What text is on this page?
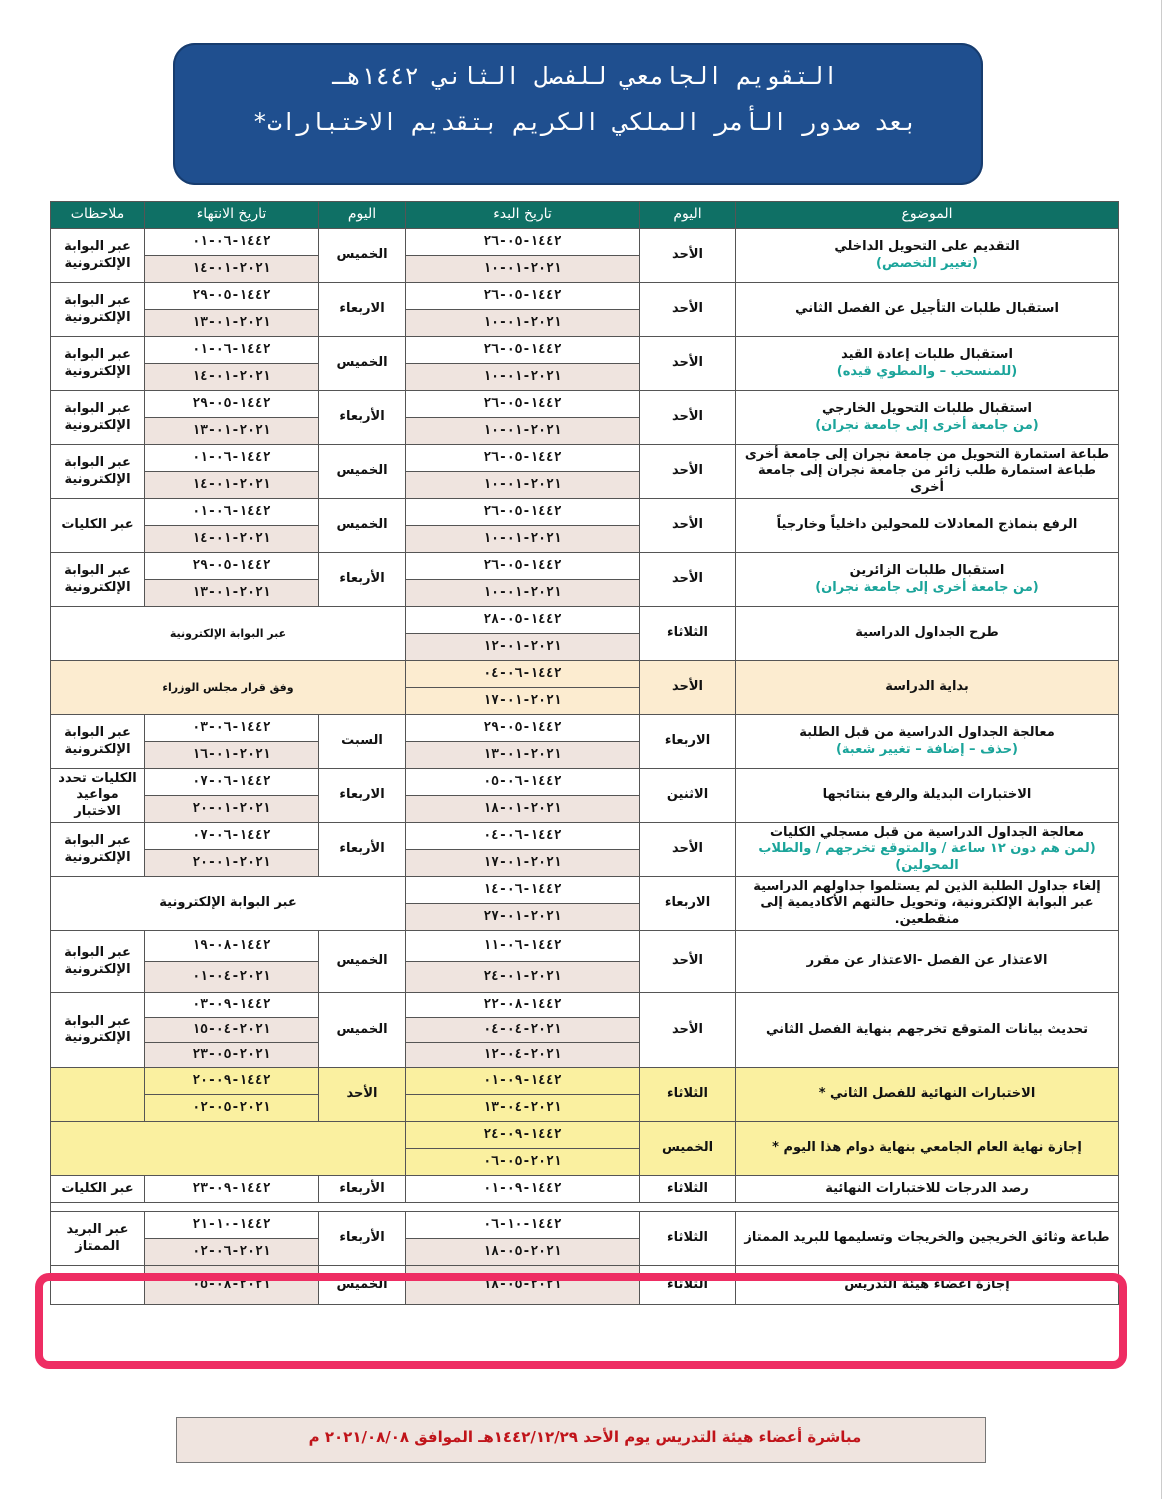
التقويم الجامعي للفصل الثاني ١٤٤٢هـ
بعد صدور الأمر الملكي الكريم بتقديم الاختبارات*
الموضوع	اليوم	تاريخ البدء	اليوم	تاريخ الانتهاء	ملاحظات

التقديم على التحويل الداخلي
(تغيير التخصص)	الأحد	١٤٤٢-٠٥-٢٦	الخميس	١٤٤٢-٠٦-٠١	عبر البوابة الإلكترونية
		٢٠٢١-٠١-١٠		٢٠٢١-٠١-١٤	

استقبال طلبات التأجيل عن الفصل الثاني	الأحد	١٤٤٢-٠٥-٢٦	الاربعاء	١٤٤٢-٠٥-٢٩	عبر البوابة الإلكترونية
		٢٠٢١-٠١-١٠		٢٠٢١-٠١-١٣	

استقبال طلبات إعادة القيد
(للمنسحب – والمطوي قيده)	الأحد	١٤٤٢-٠٥-٢٦	الخميس	١٤٤٢-٠٦-٠١	عبر البوابة الإلكترونية
		٢٠٢١-٠١-١٠		٢٠٢١-٠١-١٤	

استقبال طلبات التحويل الخارجي
(من جامعة أخرى إلى جامعة نجران)	الأحد	١٤٤٢-٠٥-٢٦	الأربعاء	١٤٤٢-٠٥-٢٩	عبر البوابة الإلكترونية
		٢٠٢١-٠١-١٠		٢٠٢١-٠١-١٣	

طباعة استمارة التحويل من جامعة نجران إلى جامعة أخرى طباعة استمارة طلب زائر من جامعة نجران إلى جامعة أخرى	الأحد	١٤٤٢-٠٥-٢٦	الخميس	١٤٤٢-٠٦-٠١	عبر البوابة الإلكترونية
		٢٠٢١-٠١-١٠		٢٠٢١-٠١-١٤	

الرفع بنماذج المعادلات للمحولين داخلياً وخارجياً	الأحد	١٤٤٢-٠٥-٢٦	الخميس	١٤٤٢-٠٦-٠١	عبر الكليات
		٢٠٢١-٠١-١٠		٢٠٢١-٠١-١٤	

استقبال طلبات الزائرين
(من جامعة أخرى إلى جامعة نجران)	الأحد	١٤٤٢-٠٥-٢٦	الأربعاء	١٤٤٢-٠٥-٢٩	عبر البوابة الإلكترونية
		٢٠٢١-٠١-١٠		٢٠٢١-٠١-١٣	
طرح الجداول الدراسية	الثلاثاء	١٤٤٢-٠٥-٢٨	عبر البوابة الإلكترونية		
		٢٠٢١-٠١-١٢			
بداية الدراسة	الأحد	١٤٤٢-٠٦-٠٤	وفق قرار مجلس الوزراء		
		٢٠٢١-٠١-١٧			

معالجة الجداول الدراسية من قبل الطلبة
(حذف – إضافة – تغيير شعبة)	الاربعاء	١٤٤٢-٠٥-٢٩	السبت	١٤٤٢-٠٦-٠٣	عبر البوابة الإلكترونية
		٢٠٢١-٠١-١٣		٢٠٢١-٠١-١٦	

الاختبارات البديلة والرفع بنتائجها	الاثنين	١٤٤٢-٠٦-٠٥	الاربعاء	١٤٤٢-٠٦-٠٧	الكليات تحدد مواعيد الاختبار
		٢٠٢١-٠١-١٨		٢٠٢١-٠١-٢٠	

معالجة الجداول الدراسية من قبل مسجلي الكليات
(لمن هم دون ١٢ ساعة / والمتوقع تخرجهم / والطلاب المحولين)	الأحد	١٤٤٢-٠٦-٠٤	الأربعاء	١٤٤٢-٠٦-٠٧	عبر البوابة الإلكترونية
		٢٠٢١-٠١-١٧		٢٠٢١-٠١-٢٠	
إلغاء جداول الطلبة الذين لم يستلموا جداولهم الدراسية عبر البوابة الإلكترونية، وتحويل حالتهم الأكاديمية إلى منقطعين.	الاربعاء	١٤٤٢-٠٦-١٤	عبر البوابة الإلكترونية		
		٢٠٢١-٠١-٢٧			
الاعتذار عن الفصل -الاعتذار عن مقرر	الأحد	١٤٤٢-٠٦-١١	الخميس	١٤٤٢-٠٨-١٩	عبر البوابة الإلكترونية
		٢٠٢١-٠١-٢٤		٢٠٢١-٠٤-٠١	
تحديث بيانات المتوقع تخرجهم بنهاية الفصل الثاني	الأحد	١٤٤٢-٠٨-٢٢	الخميس	١٤٤٢-٠٩-٠٣	عبر البوابة الإلكترونية
		٢٠٢١-٠٤-٠٤		٢٠٢١-٠٤-١٥	
		٢٠٢١-٠٤-١٢		٢٠٢١-٠٥-٢٣	
الاختبارات النهائية للفصل الثاني *	الثلاثاء	١٤٤٢-٠٩-٠١	الأحد	١٤٤٢-٠٩-٢٠	
		٢٠٢١-٠٤-١٣		٢٠٢١-٠٥-٠٢	
إجازة نهاية العام الجامعي بنهاية دوام هذا اليوم *	الخميس	١٤٤٢-٠٩-٢٤			
		٢٠٢١-٠٥-٠٦			
رصد الدرجات للاختبارات النهائية	الثلاثاء	١٤٤٢-٠٩-٠١	الأربعاء	١٤٤٢-٠٩-٢٣	عبر الكليات

طباعة وثائق الخريجين والخريجات وتسليمها للبريد الممتاز	الثلاثاء	١٤٤٢-١٠-٠٦	الأربعاء	١٤٤٢-١٠-٢١	عبر البريد الممتاز
		٢٠٢١-٠٥-١٨		٢٠٢١-٠٦-٠٢	
إجازة أعضاء هيئة التدريس	الثلاثاء	٢٠٢١-٠٥-١٨	الخميس	٢٠٢١-٠٨-٠٥	
مباشرة أعضاء هيئة التدريس يوم الأحد ١٤٤٢/١٢/٢٩هـ الموافق ٢٠٢١/٠٨/٠٨ م
